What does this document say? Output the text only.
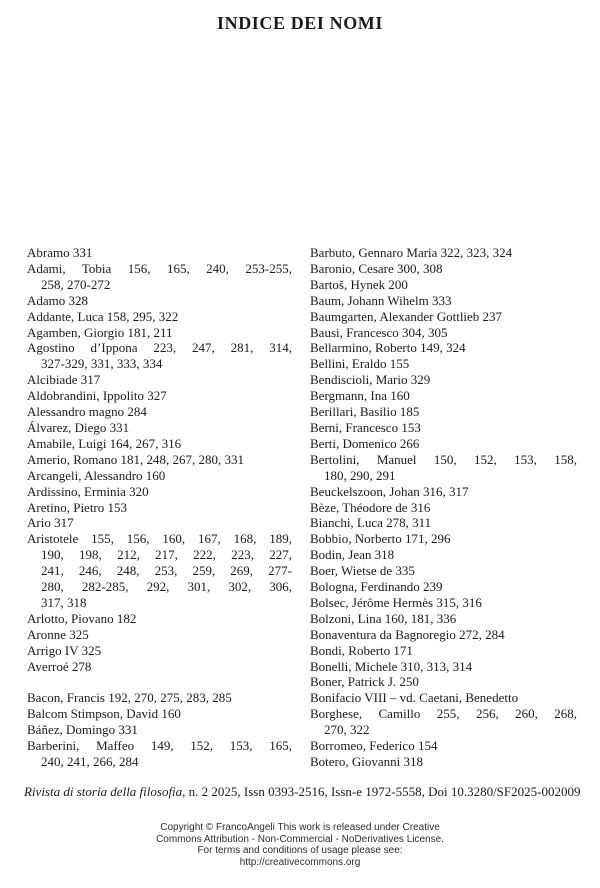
INDICE DEI NOMI
Abramo 331
Adami, Tobia 156, 165, 240, 253-255,
258, 270-272
Adamo 328
Addante, Luca 158, 295, 322
Agamben, Giorgio 181, 211
Agostino d’Ippona 223, 247, 281, 314,
327-329, 331, 333, 334
Alcibiade 317
Aldobrandini, Ippolito 327
Alessandro magno 284
Álvarez, Diego 331
Amabile, Luigi 164, 267, 316
Amerio, Romano 181, 248, 267, 280, 331
Arcangeli, Alessandro 160
Ardissino, Erminia 320
Aretino, Pietro 153
Ario 317
Aristotele 155, 156, 160, 167, 168, 189,
190, 198, 212, 217, 222, 223, 227,
241, 246, 248, 253, 259, 269, 277-
280, 282-285, 292, 301, 302, 306,
317, 318
Arlotto, Piovano 182
Aronne 325
Arrigo IV 325
Averroé 278
Bacon, Francis 192, 270, 275, 283, 285
Balcom Stimpson, David 160
Báñez, Domingo 331
Barberini, Maffeo 149, 152, 153, 165,
240, 241, 266, 284
Barbuto, Gennaro Maria 322, 323, 324
Baronio, Cesare 300, 308
Bartoš, Hynek 200
Baum, Johann Wihelm 333
Baumgarten, Alexander Gottlieb 237
Bausi, Francesco 304, 305
Bellarmino, Roberto 149, 324
Bellini, Eraldo 155
Bendiscioli, Mario 329
Bergmann, Ina 160
Berillari, Basilio 185
Berni, Francesco 153
Berti, Domenico 266
Bertolini, Manuel 150, 152, 153, 158,
180, 290, 291
Beuckelszoon, Johan 316, 317
Bèze, Théodore de 316
Bianchi, Luca 278, 311
Bobbio, Norberto 171, 296
Bodin, Jean 318
Boer, Wietse de 335
Bologna, Ferdinando 239
Bolsec, Jérôme Hermès 315, 316
Bolzoni, Lina 160, 181, 336
Bonaventura da Bagnoregio 272, 284
Bondi, Roberto 171
Bonelli, Michele 310, 313, 314
Boner, Patrick J. 250
Bonifacio VIII – vd. Caetani, Benedetto
Borghese, Camillo 255, 256, 260, 268,
270, 322
Borromeo, Federico 154
Botero, Giovanni 318
Rivista di storia della filosofia, n. 2 2025, Issn 0393-2516, Issn-e 1972-5558, Doi 10.3280/SF2025-002009
Copyright © FrancoAngeli This work is released under Creative
Commons Attribution - Non-Commercial - NoDerivatives License.
For terms and conditions of usage please see:
http://creativecommons.org
